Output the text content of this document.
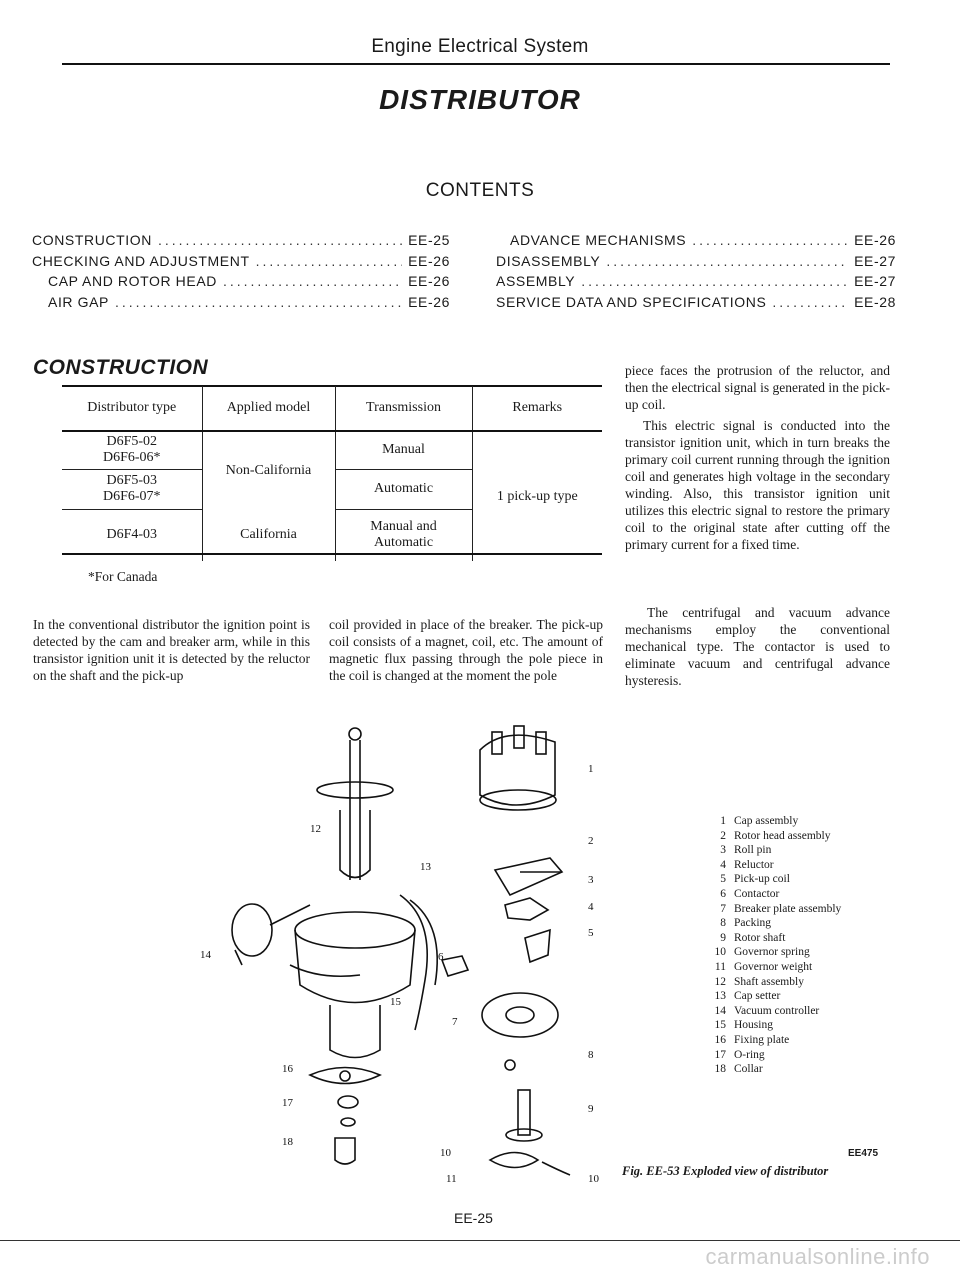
Engine Electrical System
DISTRIBUTOR
CONTENTS
CONSTRUCTION .....	EE-25
CHECKING AND ADJUSTMENT .....	EE-26
CAP AND ROTOR HEAD .....	EE-26
AIR GAP .....	EE-26
ADVANCE MECHANISMS .....	EE-26
DISASSEMBLY .....	EE-27
ASSEMBLY .....	EE-27
SERVICE DATA AND SPECIFICATIONS .....	EE-28
CONSTRUCTION
Distributor type	Applied model	Transmission	Remarks

D6F5-02
D6F6-06*	Non-California	Manual	1 pick-up type

D6F5-03
D6F6-07*		Automatic	
D6F4-03	California	Manual and
Automatic	
*For Canada
In the conventional distributor the ignition point is detected by the cam and breaker arm, while in this transistor ignition unit it is detected by the reluctor on the shaft and the pick-up
coil provided in place of the breaker. The pick-up coil consists of a magnet, coil, etc. The amount of magnetic flux passing through the pole piece in the coil is changed at the moment the pole
piece faces the protrusion of the reluctor, and then the electrical signal is generated in the pick-up coil.
This electric signal is conducted into the transistor ignition unit, which in turn breaks the primary coil current running through the ignition coil and generates high voltage in the secondary winding. Also, this transistor ignition unit utilizes this electric signal to restore the primary coil to the original state after cutting off the primary current for a fixed time.
The centrifugal and vacuum advance mechanisms employ the conventional mechanical type. The contactor is used to eliminate vacuum and centrifugal advance hysteresis.
1
2
3
4
5
6
7
8
9
10
11	10
12
13
14
15
16
17
18
1 Cap assembly
2 Rotor head assembly
3 Roll pin
4 Reluctor
5 Pick-up coil
6 Contactor
7 Breaker plate assembly
8 Packing
9 Rotor shaft
10 Governor spring
11 Governor weight
12 Shaft assembly
13 Cap setter
14 Vacuum controller
15 Housing
16 Fixing plate
17 O-ring
18 Collar
EE475
Fig. EE-53 Exploded view of distributor
EE-25
carmanualsonline.info
